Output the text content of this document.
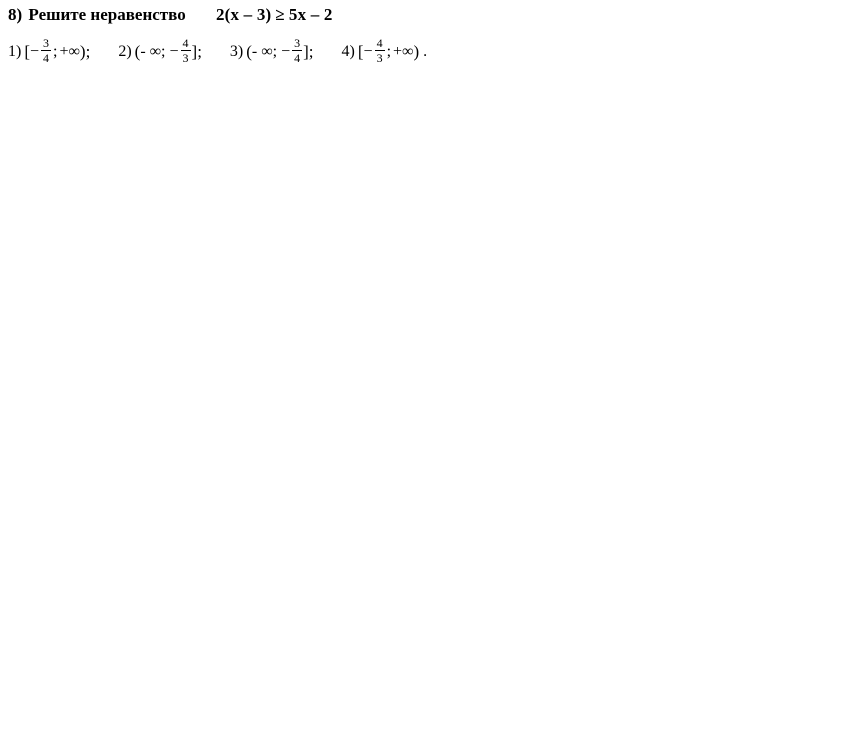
8) Решите неравенство 2(x – 3) ≥ 5x – 2
1) [ − $\frac{3}{4}$ ; +∞ ); 2) ( - ∞; − $\frac{4}{3}$ ]; 3) ( - ∞; − $\frac{3}{4}$ ]; 4) [ − $\frac{4}{3}$ ; +∞ ) .
